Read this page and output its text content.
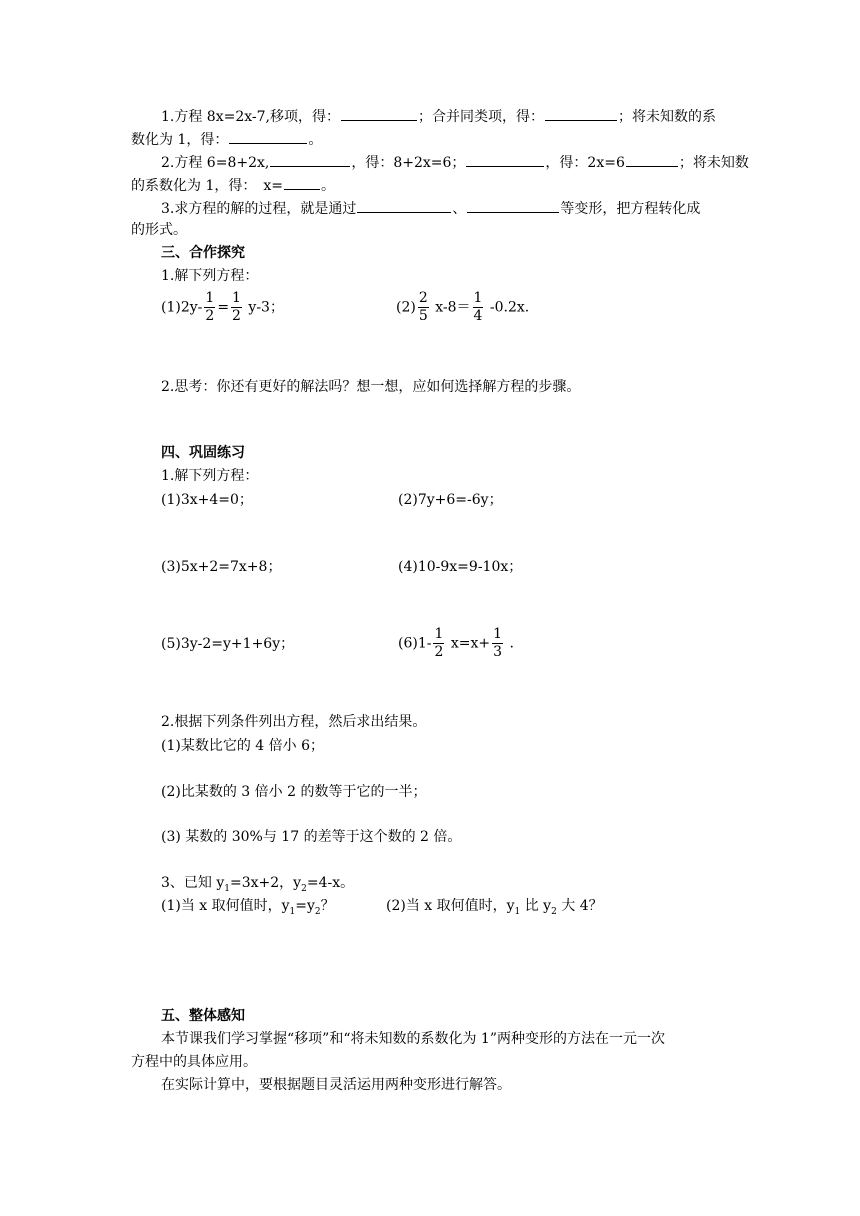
1.方程 8x=2x-7,移项，得：	；合并同类项，得：	；将未知数的系
数化为 1，得：	。
2.方程 6=8+2x,	，得：8+2x=6；	，得：2x=6	；将未知数
的系数化为 1，得：　x=	。
3.求方程的解的过程，就是通过	、	等变形，把方程转化成
的形式。
三、合作探究
1.解下列方程：
$(1)2y- \frac{1}{2} = \frac{1}{2} y-3$；	$(2) \frac{2}{5} x-8= \frac{1}{4} -0.2x$.
2.思考：你还有更好的解法吗？想一想，应如何选择解方程的步骤。
四、巩固练习
1.解下列方程：
(1)3x+4=0；	(2)7y+6=-6y；
(3)5x+2=7x+8；	(4)10-9x=9-10x；
(5)3y-2=y+1+6y；	$(6)1- \frac{1}{2} x=x+ \frac{1}{3}$ .
2.根据下列条件列出方程，然后求出结果。
(1)某数比它的 4 倍小 6；
(2)比某数的 3 倍小 2 的数等于它的一半；
(3) 某数的 30%与 17 的差等于这个数的 2 倍。
3、已知 $y_1=3x+2$，$y_2=4-x$。
(1)当 x 取何值时，$y_1=y_2$？	(2)当 x 取何值时，$y_1$ 比 $y_2$ 大 4？
五、整体感知
本节课我们学习掌握“移项”和“将未知数的系数化为 1”两种变形的方法在一元一次
方程中的具体应用。
在实际计算中，要根据题目灵活运用两种变形进行解答。
